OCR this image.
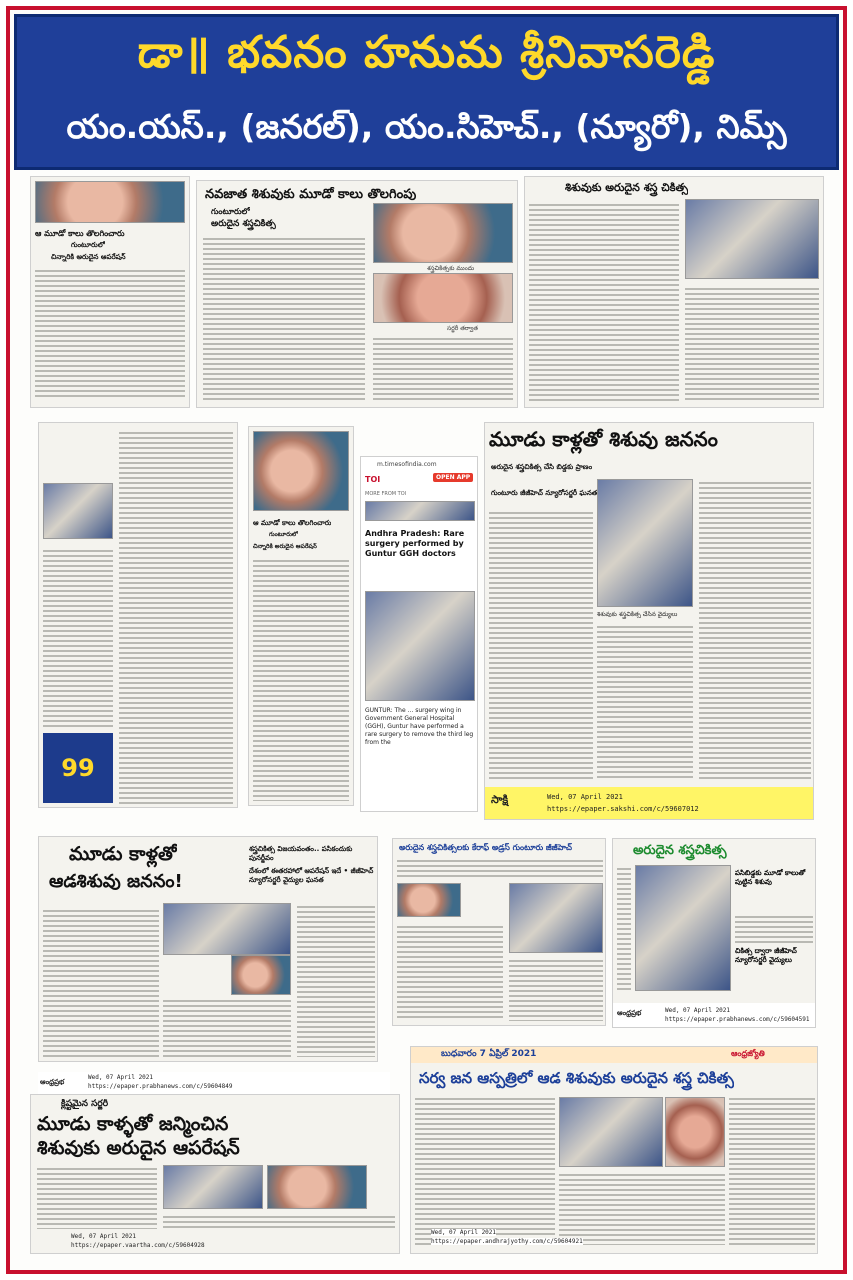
డా॥ భవనం హనుమ శ్రీనివాసరెడ్డి
యం.యస్., (జనరల్), యం.సిహెచ్., (న్యూరో), నిమ్స్
ఆ మూడో కాలు తొలగించారు
గుంటూరులో
చిన్నారికి అరుదైన ఆపరేషన్
నవజాత శిశువుకు మూడో కాలు తొలగింపు
గుంటూరులో
అరుదైన శస్త్రచికిత్స
శస్త్రచికిత్సకు ముందు
సర్జరీ తర్వాత
శిశువుకు అరుదైన శస్త్ర చికిత్స
99
ఆ మూడో కాలు తొలగించారు
గుంటూరులో
చిన్నారికి అరుదైన ఆపరేషన్
m.timesofindia.com
TOI	OPEN APP
MORE FROM TOI
Andhra Pradesh: Rare surgery performed by Guntur GGH doctors
GUNTUR: The ... surgery wing in Government General Hospital (GGH), Guntur have performed a rare surgery to remove the third leg from the
మూడు కాళ్లతో శిశువు జననం
అరుదైన శస్త్రచికిత్స చేసి బిడ్డకు ప్రాణం
గుంటూరు జీజీహెచ్ న్యూరోసర్జరీ ఘనత
శిశువుకు శస్త్రచికిత్స చేసిన వైద్యులు
సాక్షి	Wed, 07 April 2021
https://epaper.sakshi.com/c/59607012
మూడు కాళ్లతో
ఆడశిశువు జననం!
శస్త్రచికిత్స విజయవంతం.. పసికందుకు పునర్జీవం
దేశంలో ఈతరహాలో ఆపరేషన్ ఇదే • జీజీహెచ్ న్యూరోసర్జరీ వైద్యుల ఘనత
అరుదైన శస్త్రచికిత్సలకు కేరాఫ్ అడ్రస్ గుంటూరు జీజీహెచ్	అరుదైన శస్త్రచికిత్స
పసిబిడ్డకు మూడో కాలుతో పుట్టిన శిశువు
చికిత్స ద్వారా జీజీహెచ్ న్యూరోసర్జరీ వైద్యులు
ఆంధ్రప్రభ	Wed, 07 April 2021
https://epaper.prabhanews.com/c/59604591
ఆంధ్రప్రభ
Wed, 07 April 2021
https://epaper.prabhanews.com/c/59604849
క్లిష్టమైన సర్జరీ
మూడు కాళ్ళతో జన్మించిన
శిశువుకు అరుదైన ఆపరేషన్
Wed, 07 April 2021
https://epaper.vaartha.com/c/59604928
బుధవారం 7 ఏప్రిల్ 2021	ఆంధ్రజ్యోతి
సర్వ జన ఆస్పత్రిలో ఆడ శిశువుకు అరుదైన శస్త్ర చికిత్స
Wed, 07 April 2021
https://epaper.andhrajyothy.com/c/59604921
